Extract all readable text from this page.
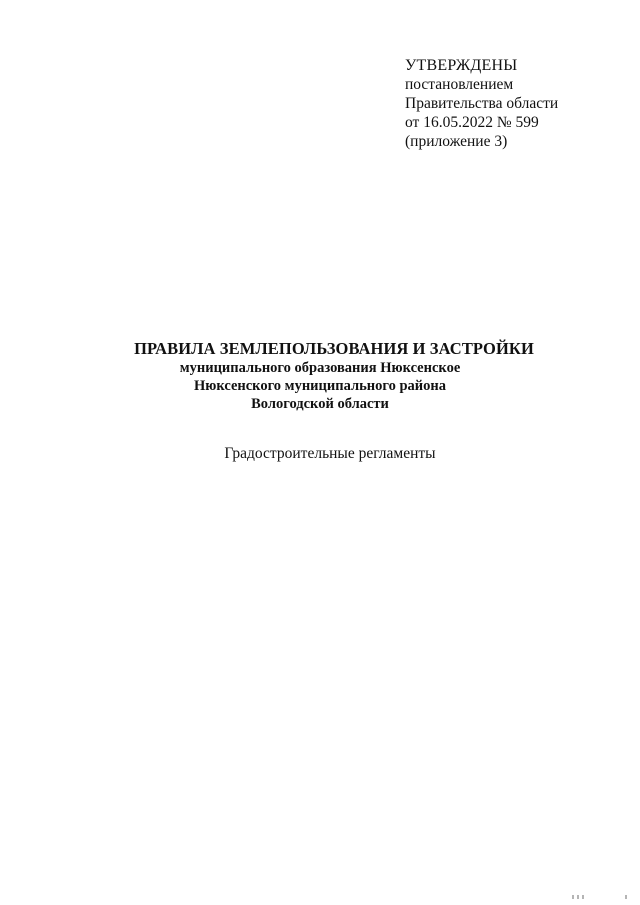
УТВЕРЖДЕНЫ
постановлением
Правительства области
от 16.05.2022 № 599
(приложение 3)
ПРАВИЛА ЗЕМЛЕПОЛЬЗОВАНИЯ И ЗАСТРОЙКИ
муниципального образования Нюксенское
Нюксенского муниципального района
Вологодской области
Градостроительные регламенты
